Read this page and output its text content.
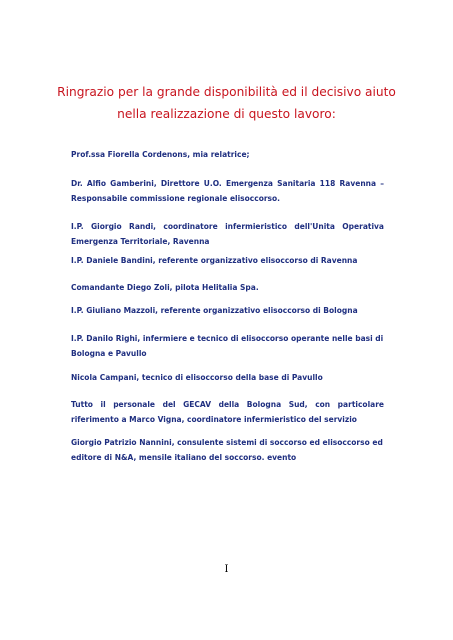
Ringrazio per la grande disponibilità ed il decisivo aiuto
nella realizzazione di questo lavoro:
Prof.ssa Fiorella Cordenons, mia relatrice;
Dr. Alfio Gamberini, Direttore U.O. Emergenza Sanitaria 118 Ravenna –
Responsabile commissione regionale elisoccorso.
I.P. Giorgio Randi, coordinatore infermieristico dell'Unita Operativa
Emergenza Territoriale, Ravenna
I.P. Daniele Bandini, referente organizzativo elisoccorso di Ravenna
Comandante Diego Zoli, pilota Helitalia Spa.
I.P. Giuliano Mazzoli, referente organizzativo elisoccorso di Bologna
I.P. Danilo Righi, infermiere e tecnico di elisoccorso operante nelle basi di
Bologna e Pavullo
Nicola Campani, tecnico di elisoccorso della base di Pavullo
Tutto il personale del GECAV della Bologna Sud, con particolare
riferimento a Marco Vigna, coordinatore infermieristico del servizio
Giorgio Patrizio Nannini, consulente sistemi di soccorso ed elisoccorso ed
editore di N&A, mensile italiano del soccorso. evento
I
